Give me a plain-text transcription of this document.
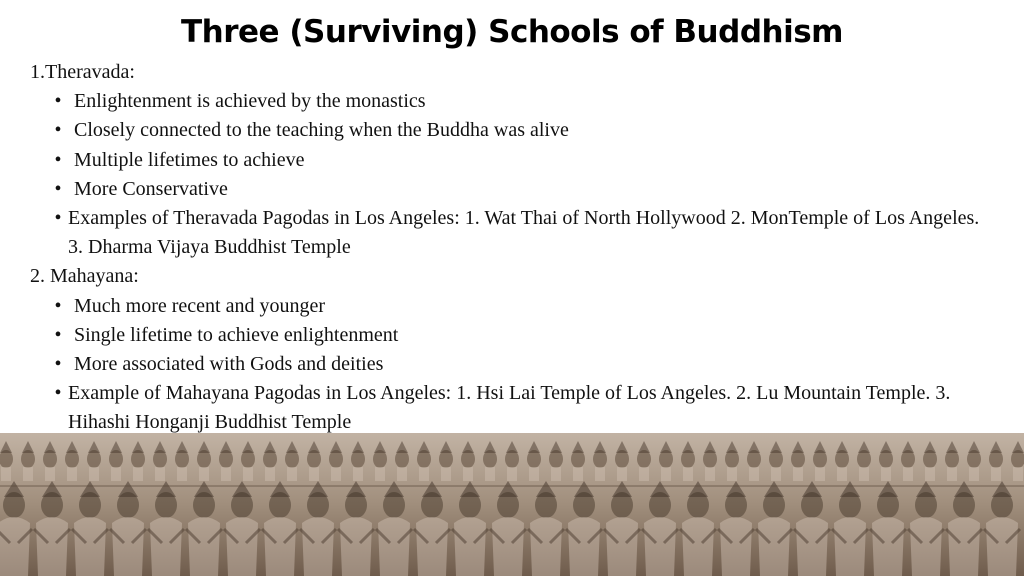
Three (Surviving) Schools of Buddhism

1.Theravada:

• Enlightenment is achieved by the monastics
• Closely connected to the teaching when the Buddha was alive
• Multiple lifetimes to achieve
• More Conservative
• Examples of Theravada Pagodas in Los Angeles: 1. Wat Thai of North Hollywood 2. MonTemple of Los Angeles. 3. Dharma Vijaya Buddhist Temple

2. Mahayana:

• Much more recent and younger
• Single lifetime to achieve enlightenment
• More associated with Gods and deities
• Example of Mahayana Pagodas in Los Angeles: 1. Hsi Lai Temple of Los Angeles. 2. Lu Mountain Temple. 3. Hihashi Honganji Buddhist Temple
